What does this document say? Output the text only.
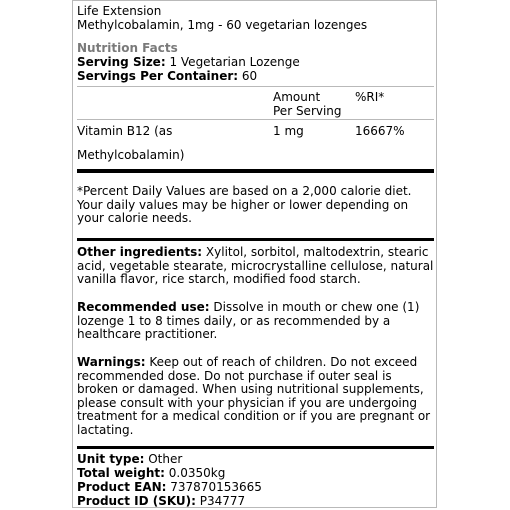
Life Extension
Methylcobalamin, 1mg - 60 vegetarian lozenges
Nutrition Facts
Serving Size: 1 Vegetarian Lozenge
Servings Per Container: 60
Amount
Per Serving
%RI*
Vitamin B12 (as	1 mg	16667%
Methylcobalamin)
*Percent Daily Values are based on a 2,000 calorie diet. Your daily values may be higher or lower depending on your calorie needs.
Other ingredients: Xylitol, sorbitol, maltodextrin, stearic acid, vegetable stearate, microcrystalline cellulose, natural vanilla flavor, rice starch, modified food starch.
Recommended use: Dissolve in mouth or chew one (1) lozenge 1 to 8 times daily, or as recommended by a healthcare practitioner.
Warnings: Keep out of reach of children. Do not exceed recommended dose. Do not purchase if outer seal is broken or damaged. When using nutritional supplements, please consult with your physician if you are undergoing treatment for a medical condition or if you are pregnant or lactating.
Unit type: Other
Total weight: 0.0350kg
Product EAN: 737870153665
Product ID (SKU): P34777
